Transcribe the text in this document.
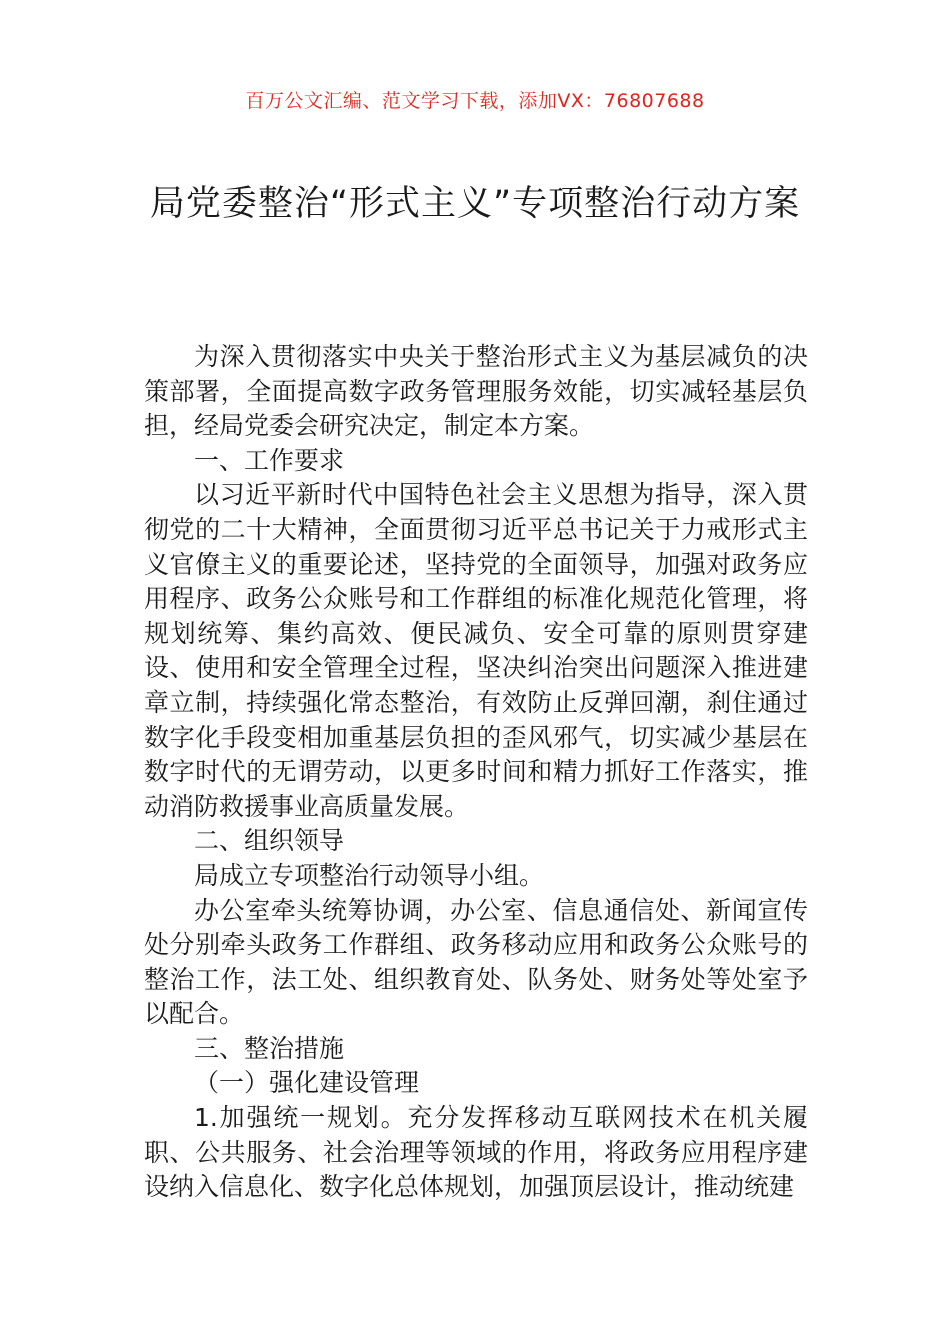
百万公文汇编、范文学习下载，添加VX：76807688
局党委整治“形式主义”专项整治行动方案

为深入贯彻落实中央关于整治形式主义为基层减负的决策部署，全面提高数字政务管理服务效能，切实减轻基层负担，经局党委会研究决定，制定本方案。

一、工作要求

以习近平新时代中国特色社会主义思想为指导，深入贯彻党的二十大精神，全面贯彻习近平总书记关于力戒形式主义官僚主义的重要论述，坚持党的全面领导，加强对政务应用程序、政务公众账号和工作群组的标准化规范化管理，将规划统筹、集约高效、便民减负、安全可靠的原则贯穿建设、使用和安全管理全过程，坚决纠治突出问题深入推进建章立制，持续强化常态整治，有效防止反弹回潮，刹住通过数字化手段变相加重基层负担的歪风邪气，切实减少基层在数字时代的无谓劳动，以更多时间和精力抓好工作落实，推动消防救援事业高质量发展。

二、组织领导

局成立专项整治行动领导小组。

办公室牵头统筹协调，办公室、信息通信处、新闻宣传处分别牵头政务工作群组、政务移动应用和政务公众账号的整治工作，法工处、组织教育处、队务处、财务处等处室予以配合。

三、整治措施

（一）强化建设管理

1.加强统一规划。充分发挥移动互联网技术在机关履职、公共服务、社会治理等领域的作用，将政务应用程序建设纳入信息化、数字化总体规划，加强顶层设计，推动统建
